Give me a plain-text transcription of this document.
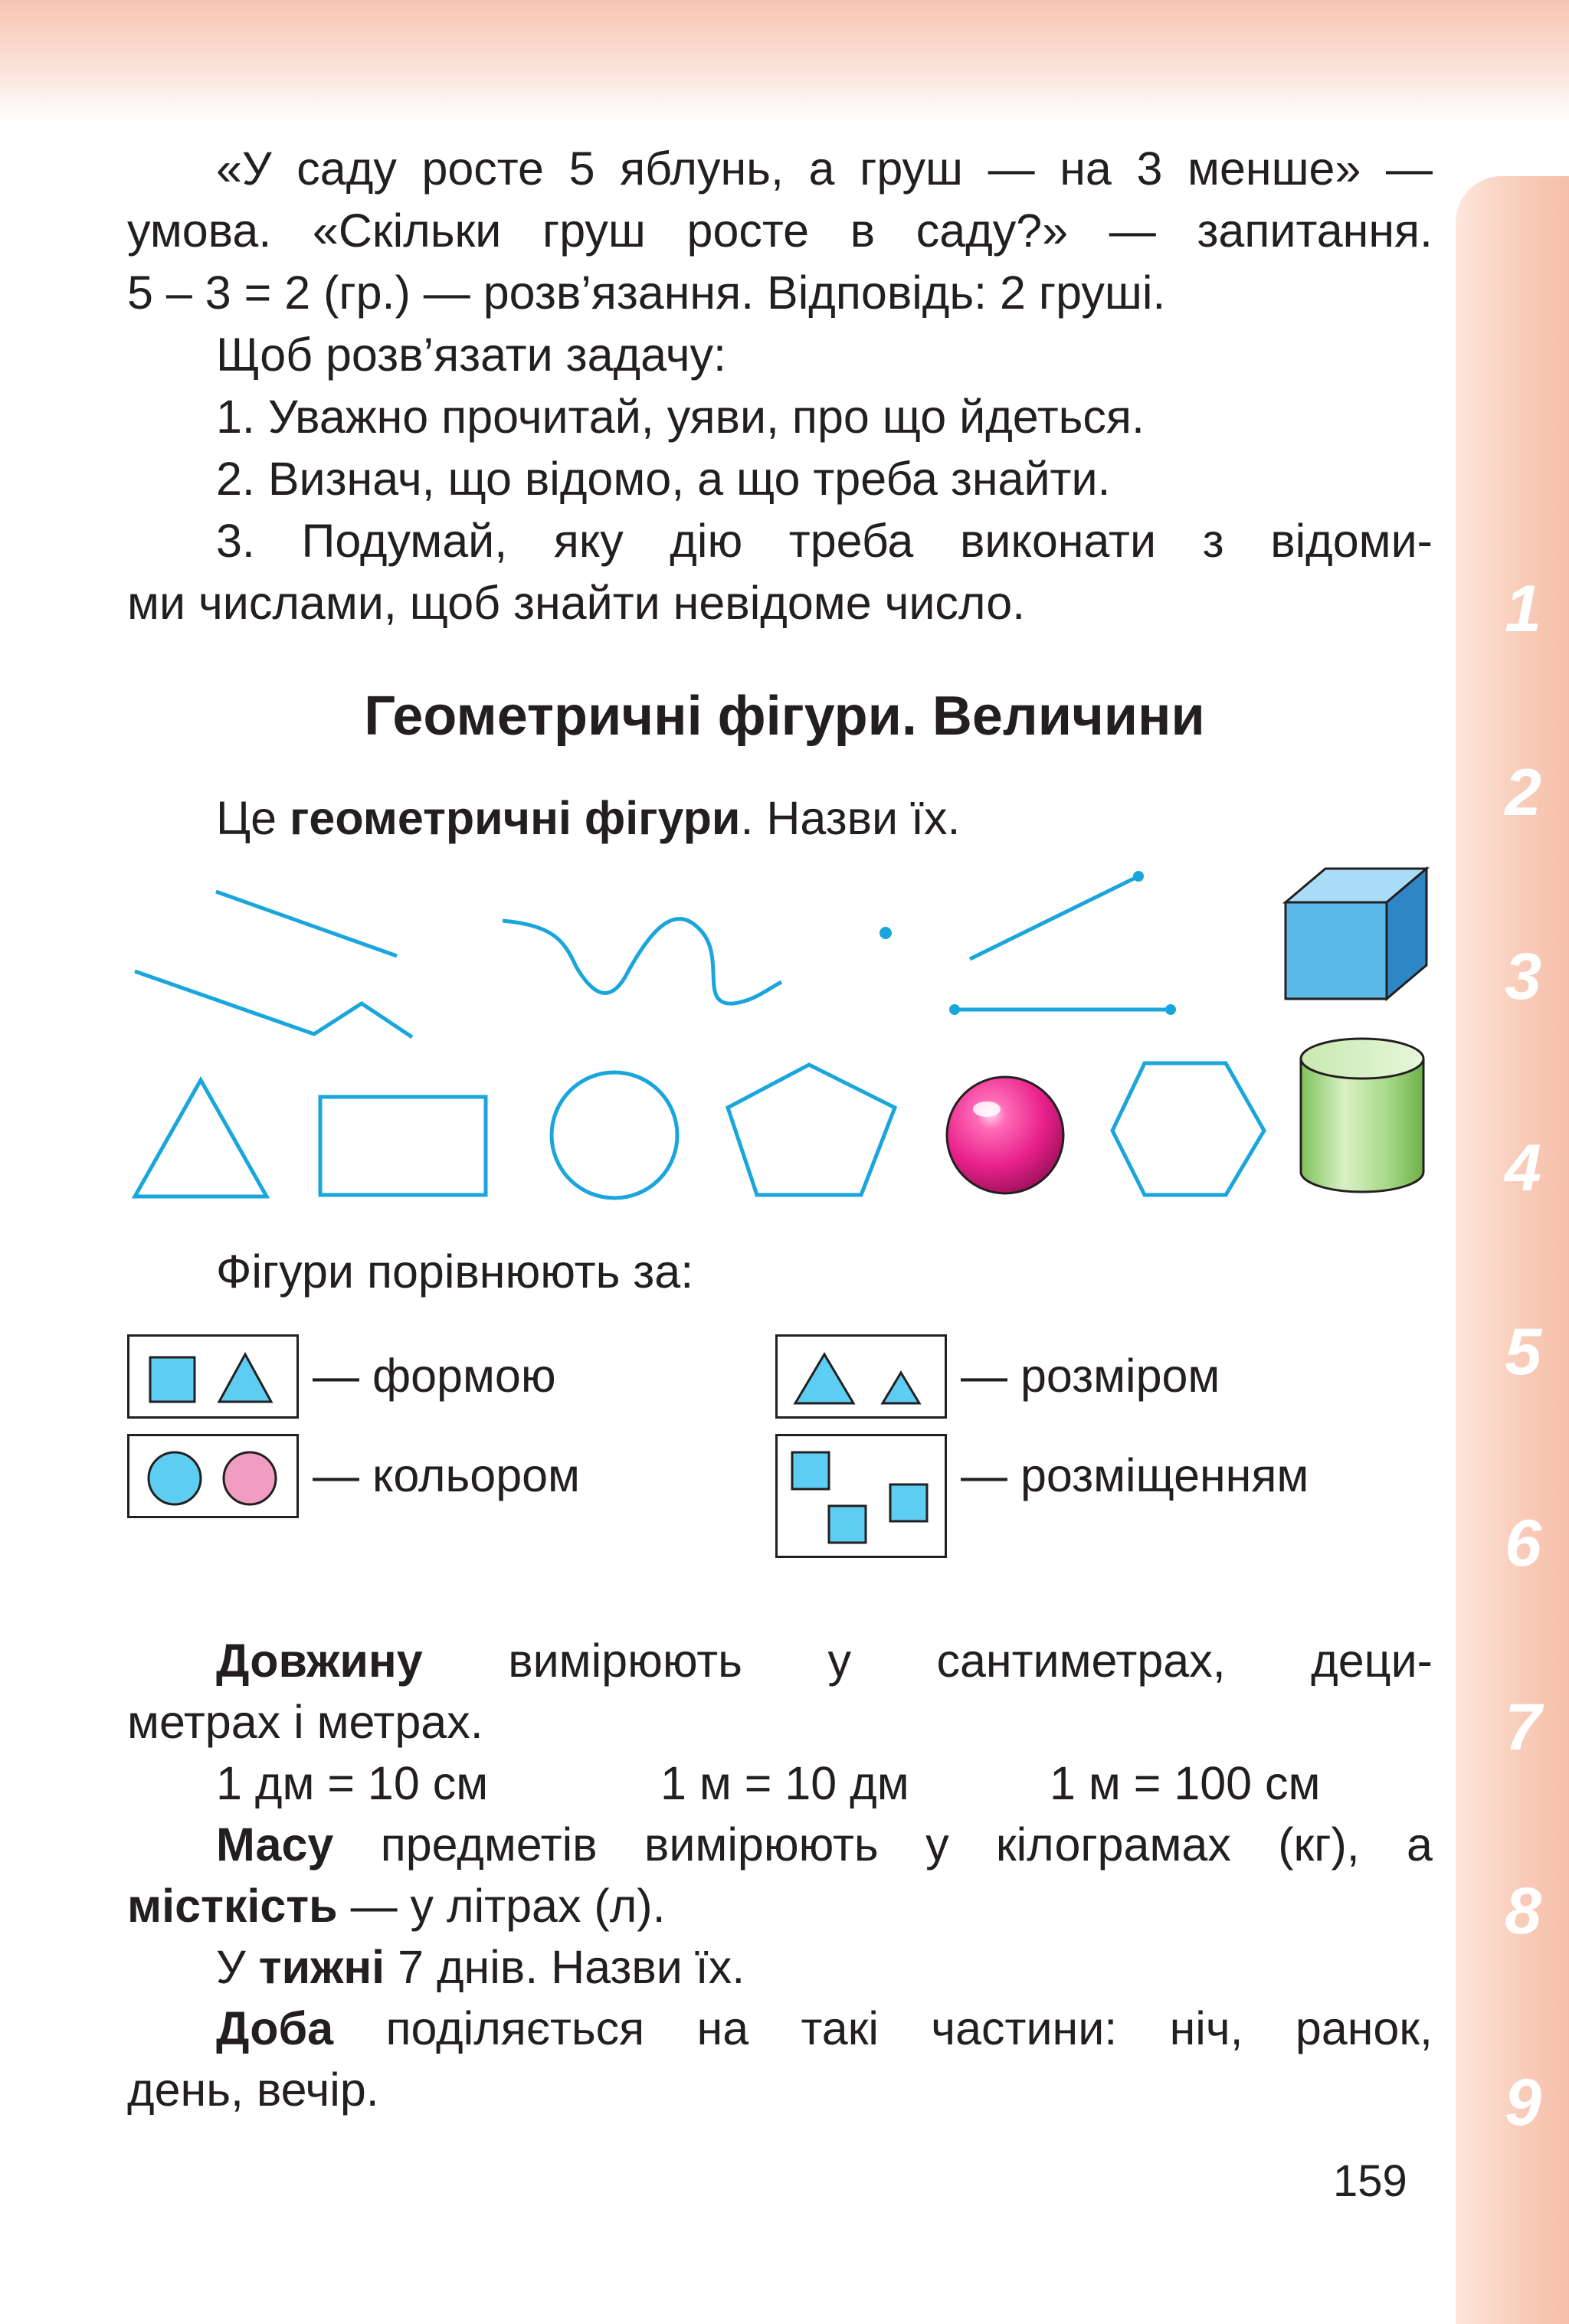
1
2
3
4
5
6
7
8
9
«У саду росте 5 яблунь, а груш — на 3 менше» —
умова. «Скільки груш росте в саду?» — запитання.
5 – 3 = 2 (гр.) — розв’язання. Відповідь: 2 груші.
Щоб розв’язати задачу:
1. Уважно прочитай, уяви, про що йдеться.
2. Визнач, що відомо, а що треба знайти.
3. Подумай, яку дію треба виконати з відоми-
ми числами, щоб знайти невідоме число.
Геометричні фігури. Величини
Це геометричні фігури. Назви їх.
Фігури порівнюють за:
— формою
— кольором
— розміром
— розміщенням
Довжину вимірюють у сантиметрах, деци-
метрах і метрах.
1 дм = 10 см	1 м = 10 дм	1 м = 100 см
Масу предметів вимірюють у кілограмах (кг), а
місткість — у літрах (л).
У тижні 7 днів. Назви їх.
Доба поділяється на такі частини: ніч, ранок,
день, вечір.
159
